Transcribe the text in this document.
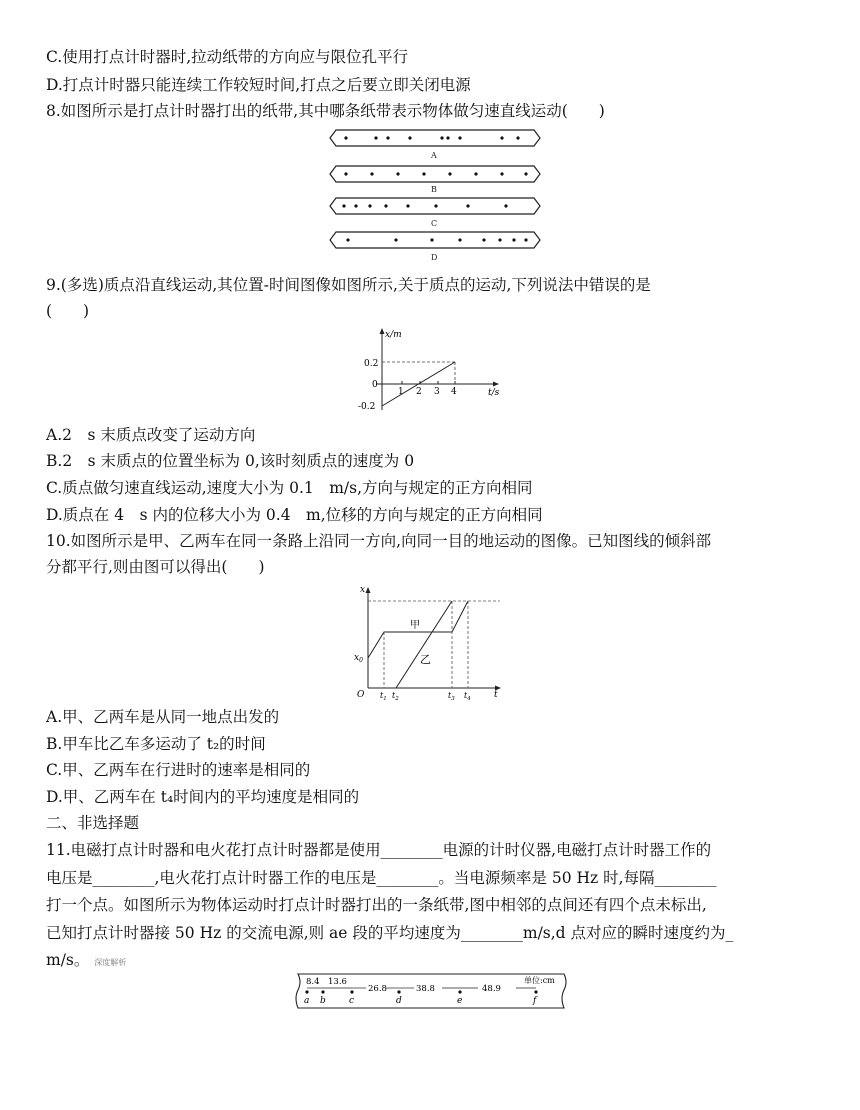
C.使用打点计时器时,拉动纸带的方向应与限位孔平行
D.打点计时器只能连续工作较短时间,打点之后要立即关闭电源
8.如图所示是打点计时器打出的纸带,其中哪条纸带表示物体做匀速直线运动(　　)
A
B
C
D
9.(多选)质点沿直线运动,其位置-时间图像如图所示,关于质点的运动,下列说法中错误的是
(　　)
x/m
t/s
0.2
0
-0.2
1 2 3 4
A.2　s 末质点改变了运动方向
B.2　s 末质点的位置坐标为 0,该时刻质点的速度为 0
C.质点做匀速直线运动,速度大小为 0.1　m/s,方向与规定的正方向相同
D.质点在 4　s 内的位移大小为 0.4　m,位移的方向与规定的正方向相同
10.如图所示是甲、乙两车在同一条路上沿同一方向,向同一目的地运动的图像。已知图线的倾斜部
分都平行,则由图可以得出(　　)
x
t
O
$x_0$
甲
乙
$t_1$ $t_2$	$t_3$ $t_4$
A.甲、乙两车是从同一地点出发的
B.甲车比乙车多运动了 t₂的时间
C.甲、乙两车在行进时的速率是相同的
D.甲、乙两车在 t₄时间内的平均速度是相同的
二、非选择题
11.电磁打点计时器和电火花打点计时器都是使用________电源的计时仪器,电磁打点计时器工作的
电压是________,电火花打点计时器工作的电压是________。当电源频率是 50 Hz 时,每隔________
打一个点。如图所示为物体运动时打点计时器打出的一条纸带,图中相邻的点间还有四个点未标出,
已知打点计时器接 50 Hz 的交流电源,则 ae 段的平均速度为________m/s,d 点对应的瞬时速度约为_
m/s。 深度解析
a b	c	d	e	f
8.4 13.6
26.8	38.8	48.9
单位:cm
